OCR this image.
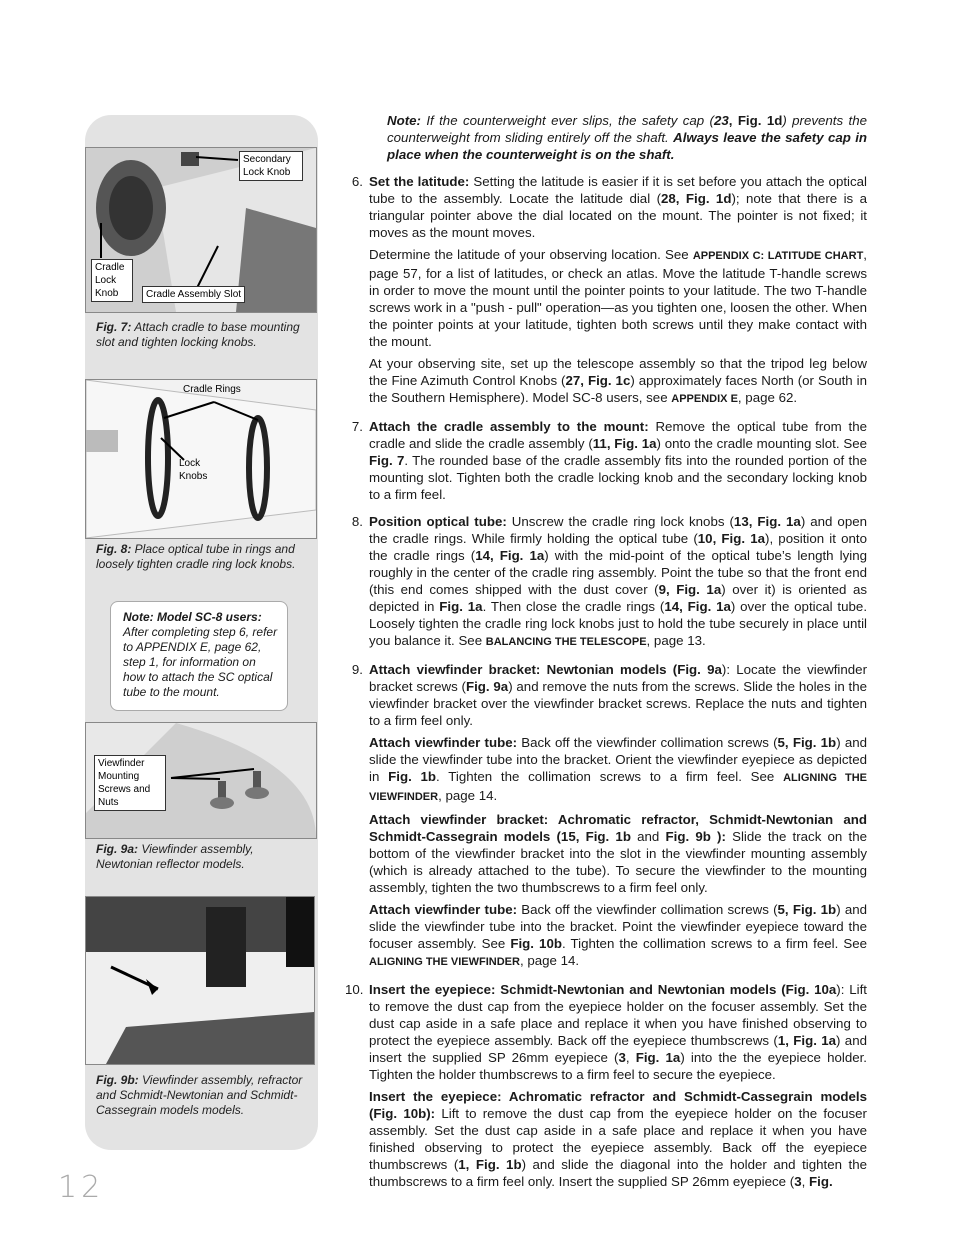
Secondary Lock Knob
Cradle Lock Knob	Cradle Assembly Slot
Fig. 7: Attach cradle to base mounting slot and tighten locking knobs.
Cradle Rings
Lock Knobs
Fig. 8: Place optical tube in rings and loosely tighten cradle ring lock knobs.
Note: Model SC-8 users:
After completing step 6, refer to APPENDIX E, page 62, step 1, for information on how to attach the SC optical tube to the mount.
Viewfinder Mounting Screws and Nuts
Fig. 9a: Viewfinder assembly, Newtonian reflector models.
Fig. 9b: Viewfinder assembly, refractor and Schmidt-Newtonian and Schmidt-Cassegrain models models.
Note: If the counterweight ever slips, the safety cap (23, Fig. 1d) prevents the counterweight from sliding entirely off the shaft. Always leave the safety cap in place when the counterweight is on the shaft.
6. Set the latitude: Setting the latitude is easier if it is set before you attach the optical tube to the assembly. Locate the latitude dial (28, Fig. 1d); note that there is a triangular pointer above the dial located on the mount. The pointer is not fixed; it moves as the mount moves.

Determine the latitude of your observing location. See APPENDIX C: LATITUDE CHART, page 57, for a list of latitudes, or check an atlas. Move the latitude T-handle screws in order to move the mount until the pointer points to your latitude. The two T-handle screws work in a "push - pull" operation—as you tighten one, loosen the other. When the pointer points at your latitude, tighten both screws until they make contact with the mount.

At your observing site, set up the telescope assembly so that the tripod leg below the Fine Azimuth Control Knobs (27, Fig. 1c) approximately faces North (or South in the Southern Hemisphere). Model SC-8 users, see APPENDIX E, page 62.

7. Attach the cradle assembly to the mount: Remove the optical tube from the cradle and slide the cradle assembly (11, Fig. 1a) onto the cradle mounting slot. See Fig. 7. The rounded base of the cradle assembly fits into the rounded portion of the mounting slot. Tighten both the cradle locking knob and the secondary locking knob to a firm feel.

8. Position optical tube: Unscrew the cradle ring lock knobs (13, Fig. 1a) and open the cradle rings. While firmly holding the optical tube (10, Fig. 1a), position it onto the cradle rings (14, Fig. 1a) with the mid-point of the optical tube’s length lying roughly in the center of the cradle ring assembly. Point the tube so that the front end (this end comes shipped with the dust cover (9, Fig. 1a) over it) is oriented as depicted in Fig. 1a. Then close the cradle rings (14, Fig. 1a) over the optical tube. Loosely tighten the cradle ring lock knobs just to hold the tube securely in place until you balance it. See BALANCING THE TELESCOPE, page 13.

9. Attach viewfinder bracket: Newtonian models (Fig. 9a): Locate the viewfinder bracket screws (Fig. 9a) and remove the nuts from the screws. Slide the holes in the viewfinder bracket over the viewfinder bracket screws. Replace the nuts and tighten to a firm feel only.

Attach viewfinder tube: Back off the viewfinder collimation screws (5, Fig. 1b) and slide the viewfinder tube into the bracket. Orient the viewfinder eyepiece as depicted in Fig. 1b. Tighten the collimation screws to a firm feel. See ALIGNING THE VIEWFINDER, page 14.

Attach viewfinder bracket: Achromatic refractor, Schmidt-Newtonian and Schmidt-Cassegrain models (15, Fig. 1b and Fig. 9b ): Slide the track on the bottom of the viewfinder bracket into the slot in the viewfinder mounting assembly (which is already attached to the tube). To secure the viewfinder to the mounting assembly, tighten the two thumbscrews to a firm feel only.

Attach viewfinder tube: Back off the viewfinder collimation screws (5, Fig. 1b) and slide the viewfinder tube into the bracket. Point the viewfinder eyepiece toward the focuser assembly. See Fig. 10b. Tighten the collimation screws to a firm feel. See ALIGNING THE VIEWFINDER, page 14.

10. Insert the eyepiece: Schmidt-Newtonian and Newtonian models (Fig. 10a): Lift to remove the dust cap from the eyepiece holder on the focuser assembly. Set the dust cap aside in a safe place and replace it when you have finished observing to protect the eyepiece assembly. Back off the eyepiece thumbscrews (1, Fig. 1a) and insert the supplied SP 26mm eyepiece (3, Fig. 1a) into the the eyepiece holder. Tighten the holder thumbscrews to a firm feel to secure the eyepiece.

Insert the eyepiece: Achromatic refractor and Schmidt-Cassegrain models (Fig. 10b): Lift to remove the dust cap from the eyepiece holder on the focuser assembly. Set the dust cap aside in a safe place and replace it when you have finished observing to protect the eyepiece assembly. Back off the eyepiece thumbscrews (1, Fig. 1b) and slide the diagonal into the holder and tighten the thumbscrews to a firm feel only. Insert the supplied SP 26mm eyepiece (3, Fig.

12
